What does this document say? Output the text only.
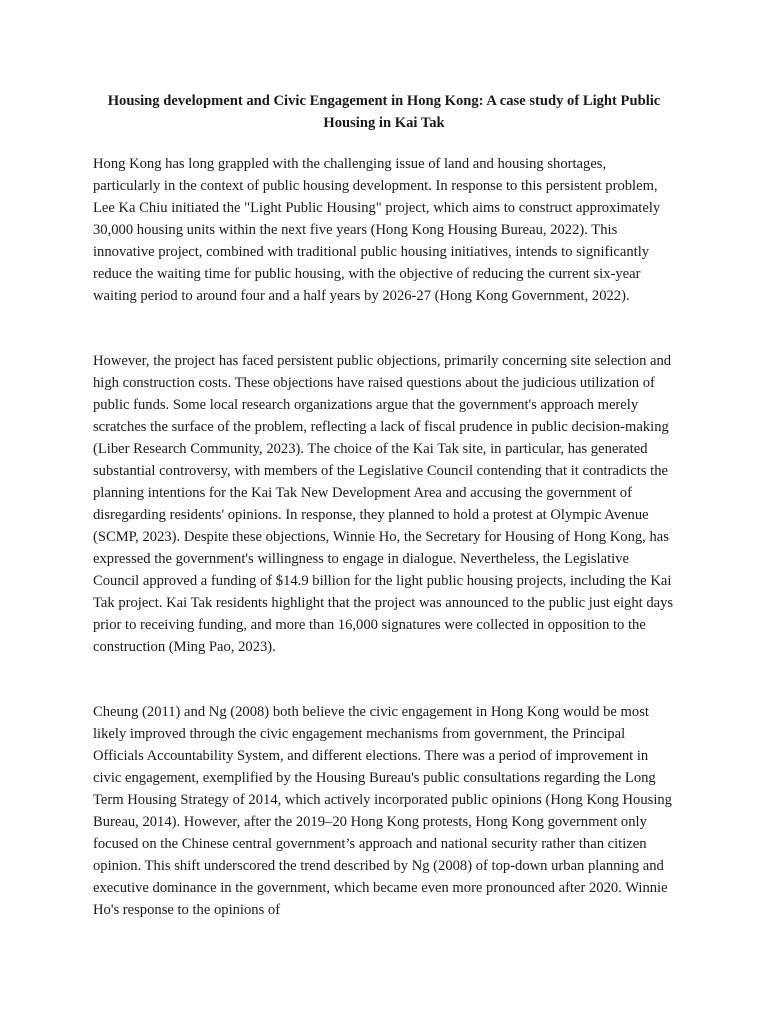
Housing development and Civic Engagement in Hong Kong: A case study of Light Public Housing in Kai Tak

Hong Kong has long grappled with the challenging issue of land and housing shortages, particularly in the context of public housing development. In response to this persistent problem, Lee Ka Chiu initiated the "Light Public Housing" project, which aims to construct approximately 30,000 housing units within the next five years (Hong Kong Housing Bureau, 2022). This innovative project, combined with traditional public housing initiatives, intends to significantly reduce the waiting time for public housing, with the objective of reducing the current six-year waiting period to around four and a half years by 2026-27 (Hong Kong Government, 2022).

However, the project has faced persistent public objections, primarily concerning site selection and high construction costs. These objections have raised questions about the judicious utilization of public funds. Some local research organizations argue that the government's approach merely scratches the surface of the problem, reflecting a lack of fiscal prudence in public decision-making (Liber Research Community, 2023). The choice of the Kai Tak site, in particular, has generated substantial controversy, with members of the Legislative Council contending that it contradicts the planning intentions for the Kai Tak New Development Area and accusing the government of disregarding residents' opinions. In response, they planned to hold a protest at Olympic Avenue (SCMP, 2023). Despite these objections, Winnie Ho, the Secretary for Housing of Hong Kong, has expressed the government's willingness to engage in dialogue. Nevertheless, the Legislative Council approved a funding of $14.9 billion for the light public housing projects, including the Kai Tak project. Kai Tak residents highlight that the project was announced to the public just eight days prior to receiving funding, and more than 16,000 signatures were collected in opposition to the construction (Ming Pao, 2023).

Cheung (2011) and Ng (2008) both believe the civic engagement in Hong Kong would be most likely improved through the civic engagement mechanisms from government, the Principal Officials Accountability System, and different elections. There was a period of improvement in civic engagement, exemplified by the Housing Bureau's public consultations regarding the Long Term Housing Strategy of 2014, which actively incorporated public opinions (Hong Kong Housing Bureau, 2014). However, after the 2019–20 Hong Kong protests, Hong Kong government only focused on the Chinese central government’s approach and national security rather than citizen opinion. This shift underscored the trend described by Ng (2008) of top-down urban planning and executive dominance in the government, which became even more pronounced after 2020. Winnie Ho's response to the opinions of
